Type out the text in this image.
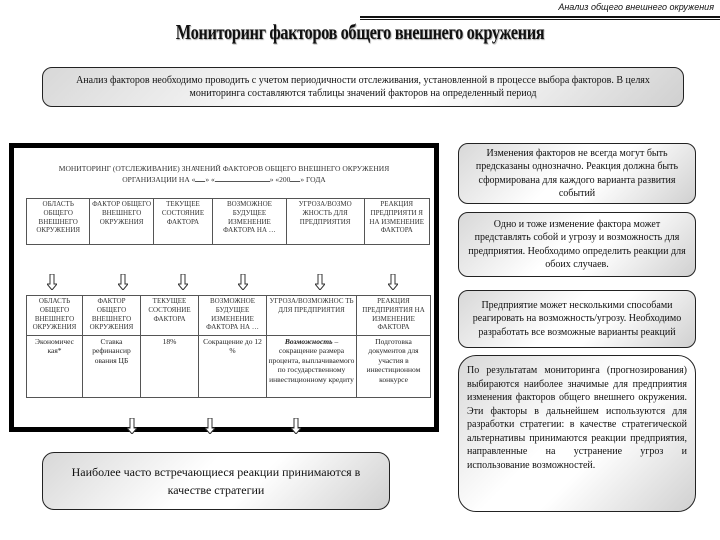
Анализ общего внешнего окружения
Мониторинг факторов общего внешнего окружения
Анализ факторов необходимо проводить с учетом периодичности отслеживания, установленной в процессе выбора факторов. В целях мониторинга составляются таблицы значений факторов на определенный период
МОНИТОРИНГ (ОТСЛЕЖИВАНИЕ) ЗНАЧЕНИЙ ФАКТОРОВ ОБЩЕГО ВНЕШНЕГО ОКРУЖЕНИЯ
ОРГАНИЗАЦИИ НА « » «	» «200 » ГОДА
ОБЛАСТЬ ОБЩЕГО ВНЕШНЕГО ОКРУЖЕНИЯ	ФАКТОР ОБЩЕГО ВНЕШНЕГО ОКРУЖЕНИЯ	ТЕКУЩЕЕ СОСТОЯНИЕ ФАКТОРА	ВОЗМОЖНОЕ БУДУЩЕЕ ИЗМЕНЕНИЕ ФАКТОРА НА …	УГРОЗА/ВОЗМО ЖНОСТЬ ДЛЯ ПРЕДПРИЯТИЯ	РЕАКЦИЯ ПРЕДПРИЯТИ Я НА ИЗМЕНЕНИЕ ФАКТОРА
ОБЛАСТЬ ОБЩЕГО ВНЕШНЕГО ОКРУЖЕНИЯ	ФАКТОР ОБЩЕГО ВНЕШНЕГО ОКРУЖЕНИЯ	ТЕКУЩЕЕ СОСТОЯНИЕ ФАКТОРА	ВОЗМОЖНОЕ БУДУЩЕЕ ИЗМЕНЕНИЕ ФАКТОРА НА …	УГРОЗА/ВОЗМОЖНОС ТЬ ДЛЯ ПРЕДПРИЯТИЯ	РЕАКЦИЯ ПРЕДПРИЯТИЯ НА ИЗМЕНЕНИЕ ФАКТОРА
Экономичес кая*	Ставка рефинансир ования ЦБ	18%	Сокращение до 12 %	Возможность – сокращение размера процента, выплачиваемого по государственному инвестиционному кредиту	Подготовка документов для участия в инвестиционном конкурсе
Изменения факторов не всегда могут быть предсказаны однозначно. Реакция должна быть сформирована для каждого варианта развития событий
Одно и тоже изменение фактора может представлять собой и угрозу и возможность для предприятия. Необходимо определить реакции для обоих случаев.
Предприятие может несколькими способами реагировать на возможность/угрозу. Необходимо разработать все возможные варианты реакций
По результатам мониторинга (прогнозирования) выбираются наиболее значимые для предприятия изменения факторов общего внешнего окружения. Эти факторы в дальнейшем используются для разработки стратегии: в качестве стратегической альтернативы принимаются реакции предприятия, направленные на устранение угроз и использование возможностей.
Наиболее часто встречающиеся реакции принимаются в качестве стратегии
